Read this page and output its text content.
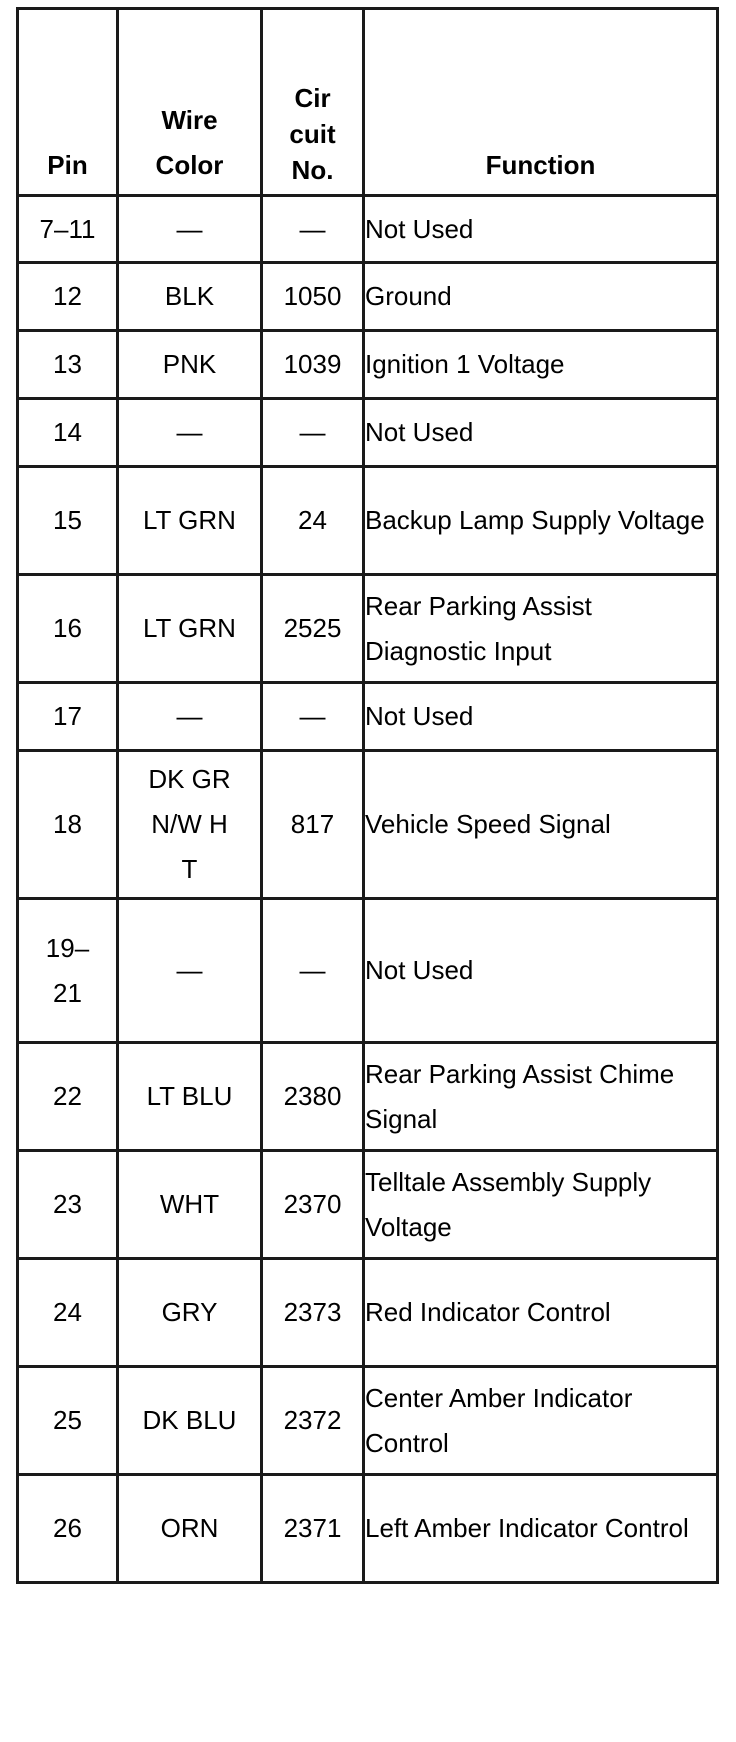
Pin	Wire Color	Cir cuit No.	Function
7–11	—	—	Not Used
12	BLK	1050	Ground
13	PNK	1039	Ignition 1 Voltage
14	—	—	Not Used
15	LT GRN	24	Backup Lamp Supply Voltage
16	LT GRN	2525	Rear Parking Assist Diagnostic Input
17	—	—	Not Used
18	DK GRN/W HT	817	Vehicle Speed Signal

19– 21	—	—	Not Used
22	LT BLU	2380	Rear Parking Assist Chime Signal
23	WHT	2370	Telltale Assembly Supply Voltage
24	GRY	2373	Red Indicator Control
25	DK BLU	2372	Center Amber Indicator Control
26	ORN	2371	Left Amber Indicator Control
